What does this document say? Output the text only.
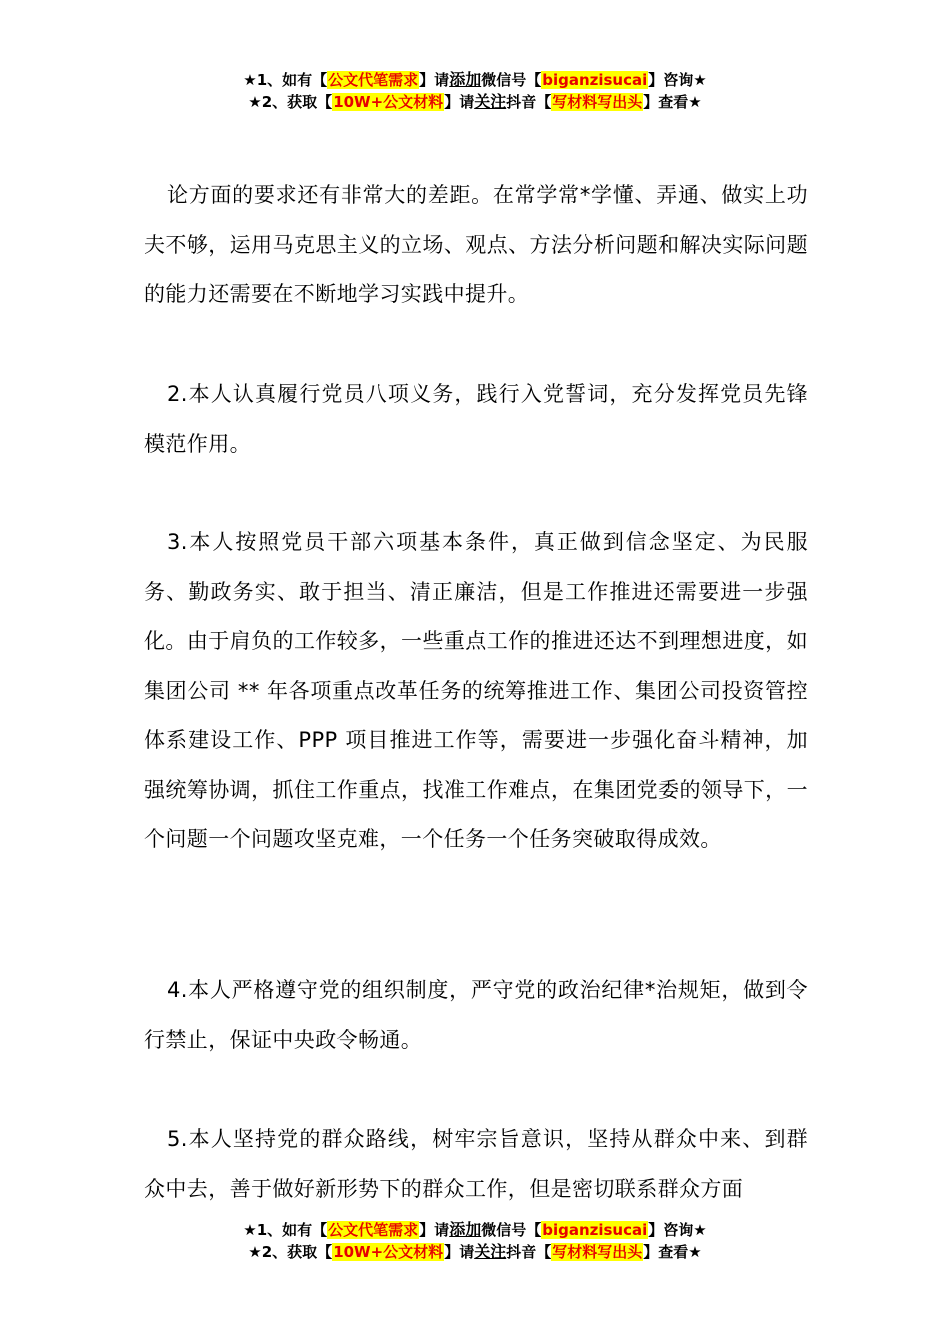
★1、如有【公文代笔需求】请添加微信号【biganzisucai】咨询★
★2、获取【10W+公文材料】请关注抖音【写材料写出头】查看★

论方面的要求还有非常大的差距。在常学常*学懂、弄通、做实上功夫不够，运用马克思主义的立场、观点、方法分析问题和解决实际问题的能力还需要在不断地学习实践中提升。

2.本人认真履行党员八项义务，践行入党誓词，充分发挥党员先锋模范作用。

3.本人按照党员干部六项基本条件，真正做到信念坚定、为民服务、勤政务实、敢于担当、清正廉洁，但是工作推进还需要进一步强化。由于肩负的工作较多，一些重点工作的推进还达不到理想进度，如集团公司 ** 年各项重点改革任务的统筹推进工作、集团公司投资管控体系建设工作、PPP 项目推进工作等，需要进一步强化奋斗精神，加强统筹协调，抓住工作重点，找准工作难点，在集团党委的领导下，一个问题一个问题攻坚克难，一个任务一个任务突破取得成效。

4.本人严格遵守党的组织制度，严守党的政治纪律*治规矩，做到令行禁止，保证中央政令畅通。

5.本人坚持党的群众路线，树牢宗旨意识，坚持从群众中来、到群众中去，善于做好新形势下的群众工作，但是密切联系群众方面

★1、如有【公文代笔需求】请添加微信号【biganzisucai】咨询★
★2、获取【10W+公文材料】请关注抖音【写材料写出头】查看★
